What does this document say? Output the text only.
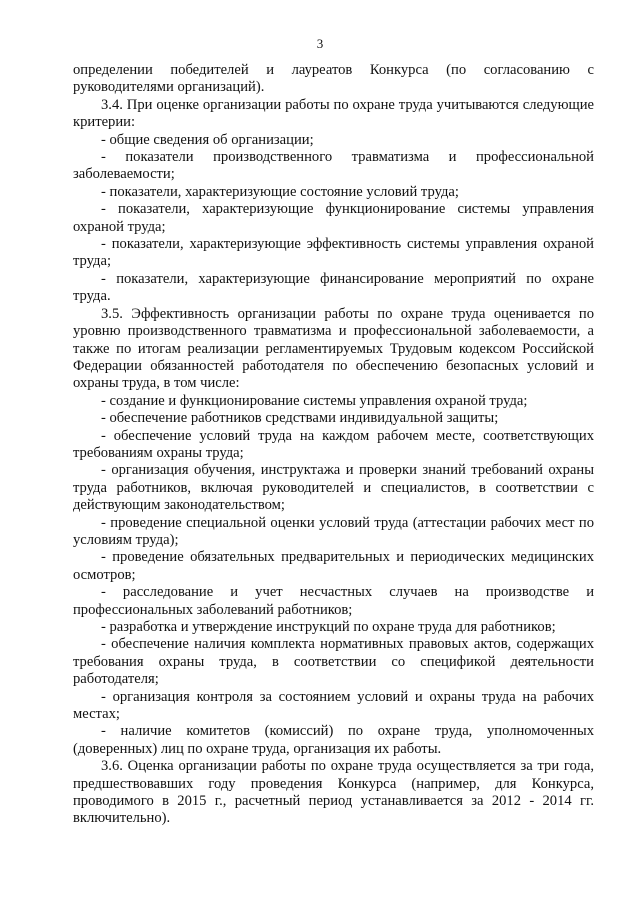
3

определении победителей и лауреатов Конкурса (по согласованию с руководителями организаций).

3.4. При оценке организации работы по охране труда учитываются следующие критерии:

- общие сведения об организации;

- показатели производственного травматизма и профессиональной заболеваемости;

- показатели, характеризующие состояние условий труда;

- показатели, характеризующие функционирование системы управления охраной труда;

- показатели, характеризующие эффективность системы управления охраной труда;

- показатели, характеризующие финансирование мероприятий по охране труда.

3.5. Эффективность организации работы по охране труда оценивается по уровню производственного травматизма и профессиональной заболеваемости, а также по итогам реализации регламентируемых Трудовым кодексом Российской Федерации обязанностей работодателя по обеспечению безопасных условий и охраны труда, в том числе:

- создание и функционирование системы управления охраной труда;

- обеспечение работников средствами индивидуальной защиты;

- обеспечение условий труда на каждом рабочем месте, соответствующих требованиям охраны труда;

- организация обучения, инструктажа и проверки знаний требований охраны труда работников, включая руководителей и специалистов, в соответствии с действующим законодательством;

- проведение специальной оценки условий труда (аттестации рабочих мест по условиям труда);

- проведение обязательных предварительных и периодических медицинских осмотров;

- расследование и учет несчастных случаев на производстве и профессиональных заболеваний работников;

- разработка и утверждение инструкций по охране труда для работников;

- обеспечение наличия комплекта нормативных правовых актов, содержащих требования охраны труда, в соответствии со спецификой деятельности работодателя;

- организация контроля за состоянием условий и охраны труда на рабочих местах;

- наличие комитетов (комиссий) по охране труда, уполномоченных (доверенных) лиц по охране труда, организация их работы.

3.6. Оценка организации работы по охране труда осуществляется за три года, предшествовавших году проведения Конкурса (например, для Конкурса, проводимого в 2015 г., расчетный период устанавливается за 2012 - 2014 гг. включительно).
